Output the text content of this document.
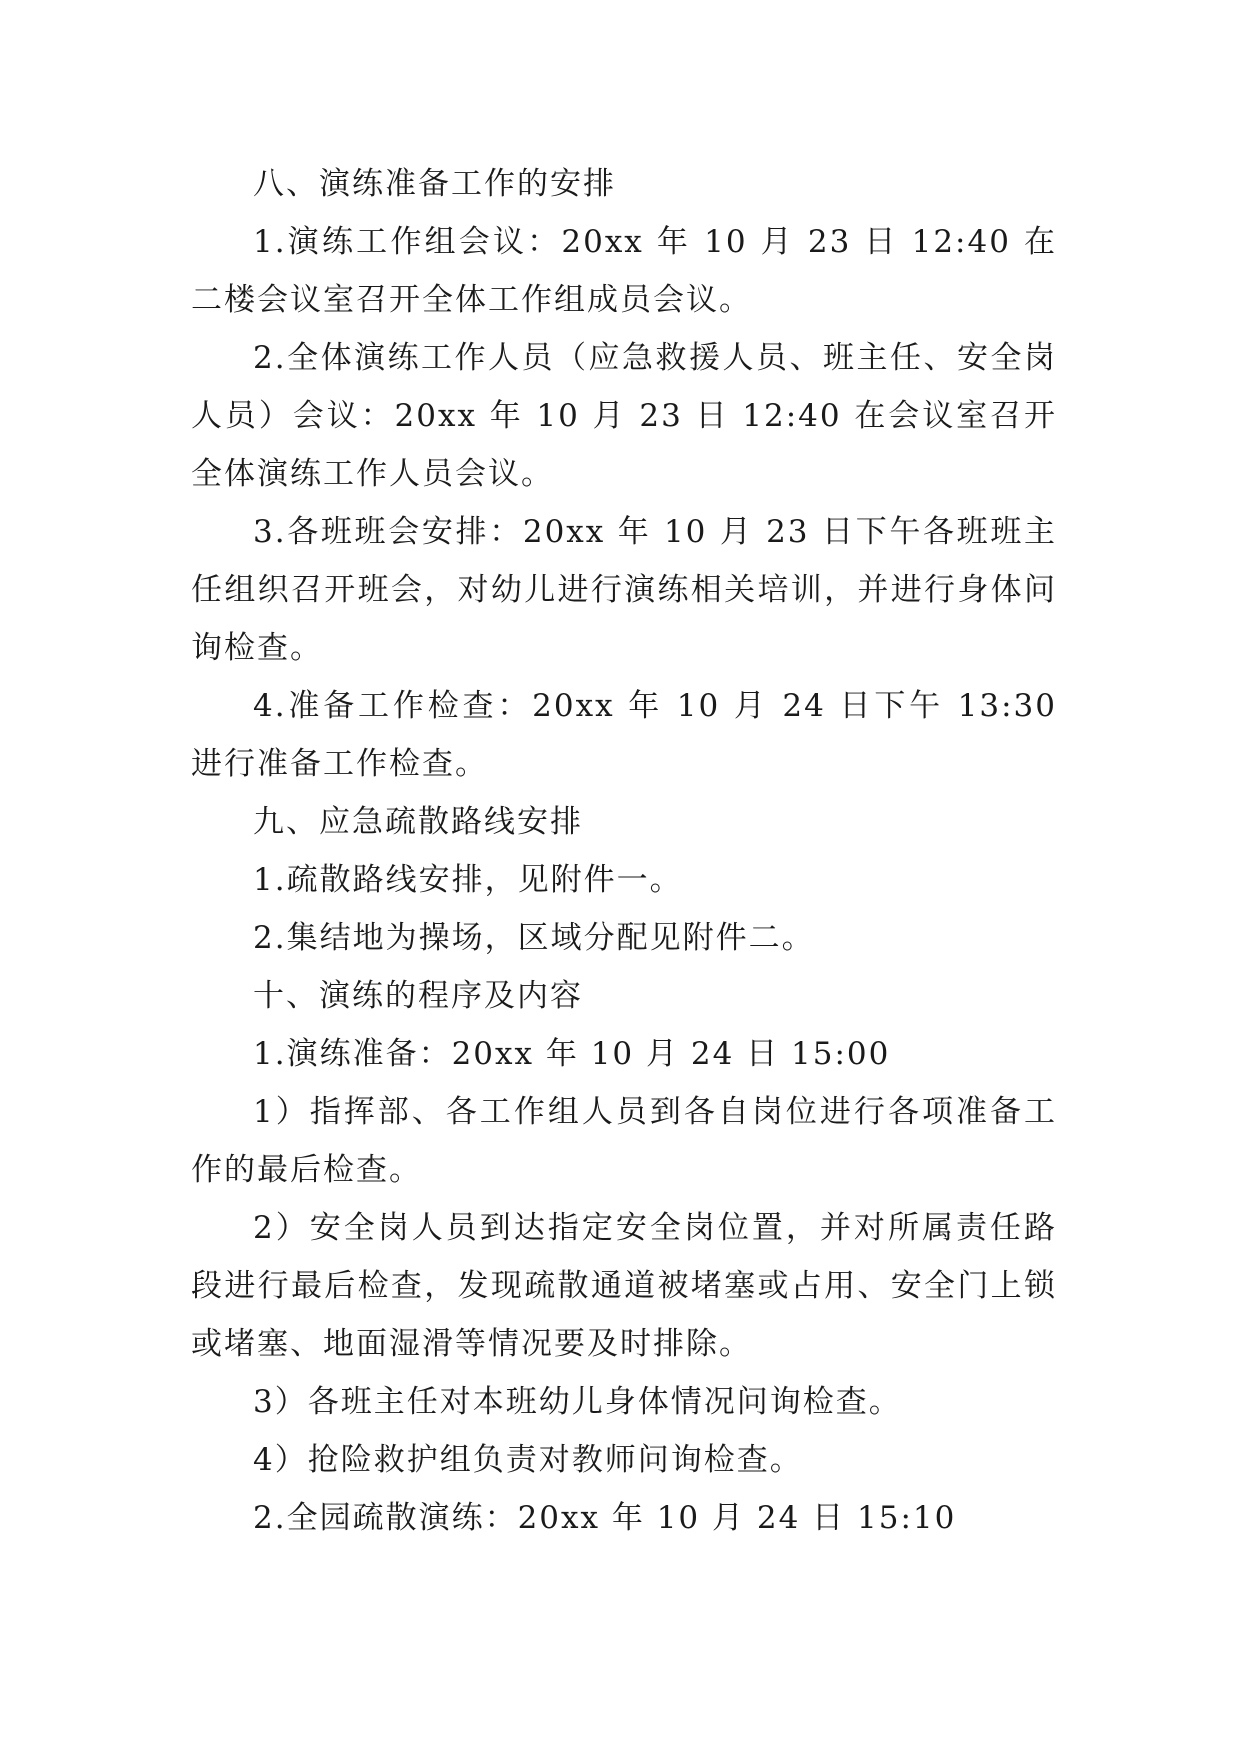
八、演练准备工作的安排

1.演练工作组会议：20xx 年 10 月 23 日 12:40 在二楼会议室召开全体工作组成员会议。

2.全体演练工作人员（应急救援人员、班主任、安全岗人员）会议：20xx 年 10 月 23 日 12:40 在会议室召开全体演练工作人员会议。

3.各班班会安排：20xx 年 10 月 23 日下午各班班主任组织召开班会，对幼儿进行演练相关培训，并进行身体问询检查。

4.准备工作检查：20xx 年 10 月 24 日下午 13:30 进行准备工作检查。

九、应急疏散路线安排

1.疏散路线安排，见附件一。

2.集结地为操场，区域分配见附件二。

十、演练的程序及内容

1.演练准备：20xx 年 10 月 24 日 15:00

1）指挥部、各工作组人员到各自岗位进行各项准备工作的最后检查。

2）安全岗人员到达指定安全岗位置，并对所属责任路段进行最后检查，发现疏散通道被堵塞或占用、安全门上锁或堵塞、地面湿滑等情况要及时排除。

3）各班主任对本班幼儿身体情况问询检查。

4）抢险救护组负责对教师问询检查。

2.全园疏散演练：20xx 年 10 月 24 日 15:10
